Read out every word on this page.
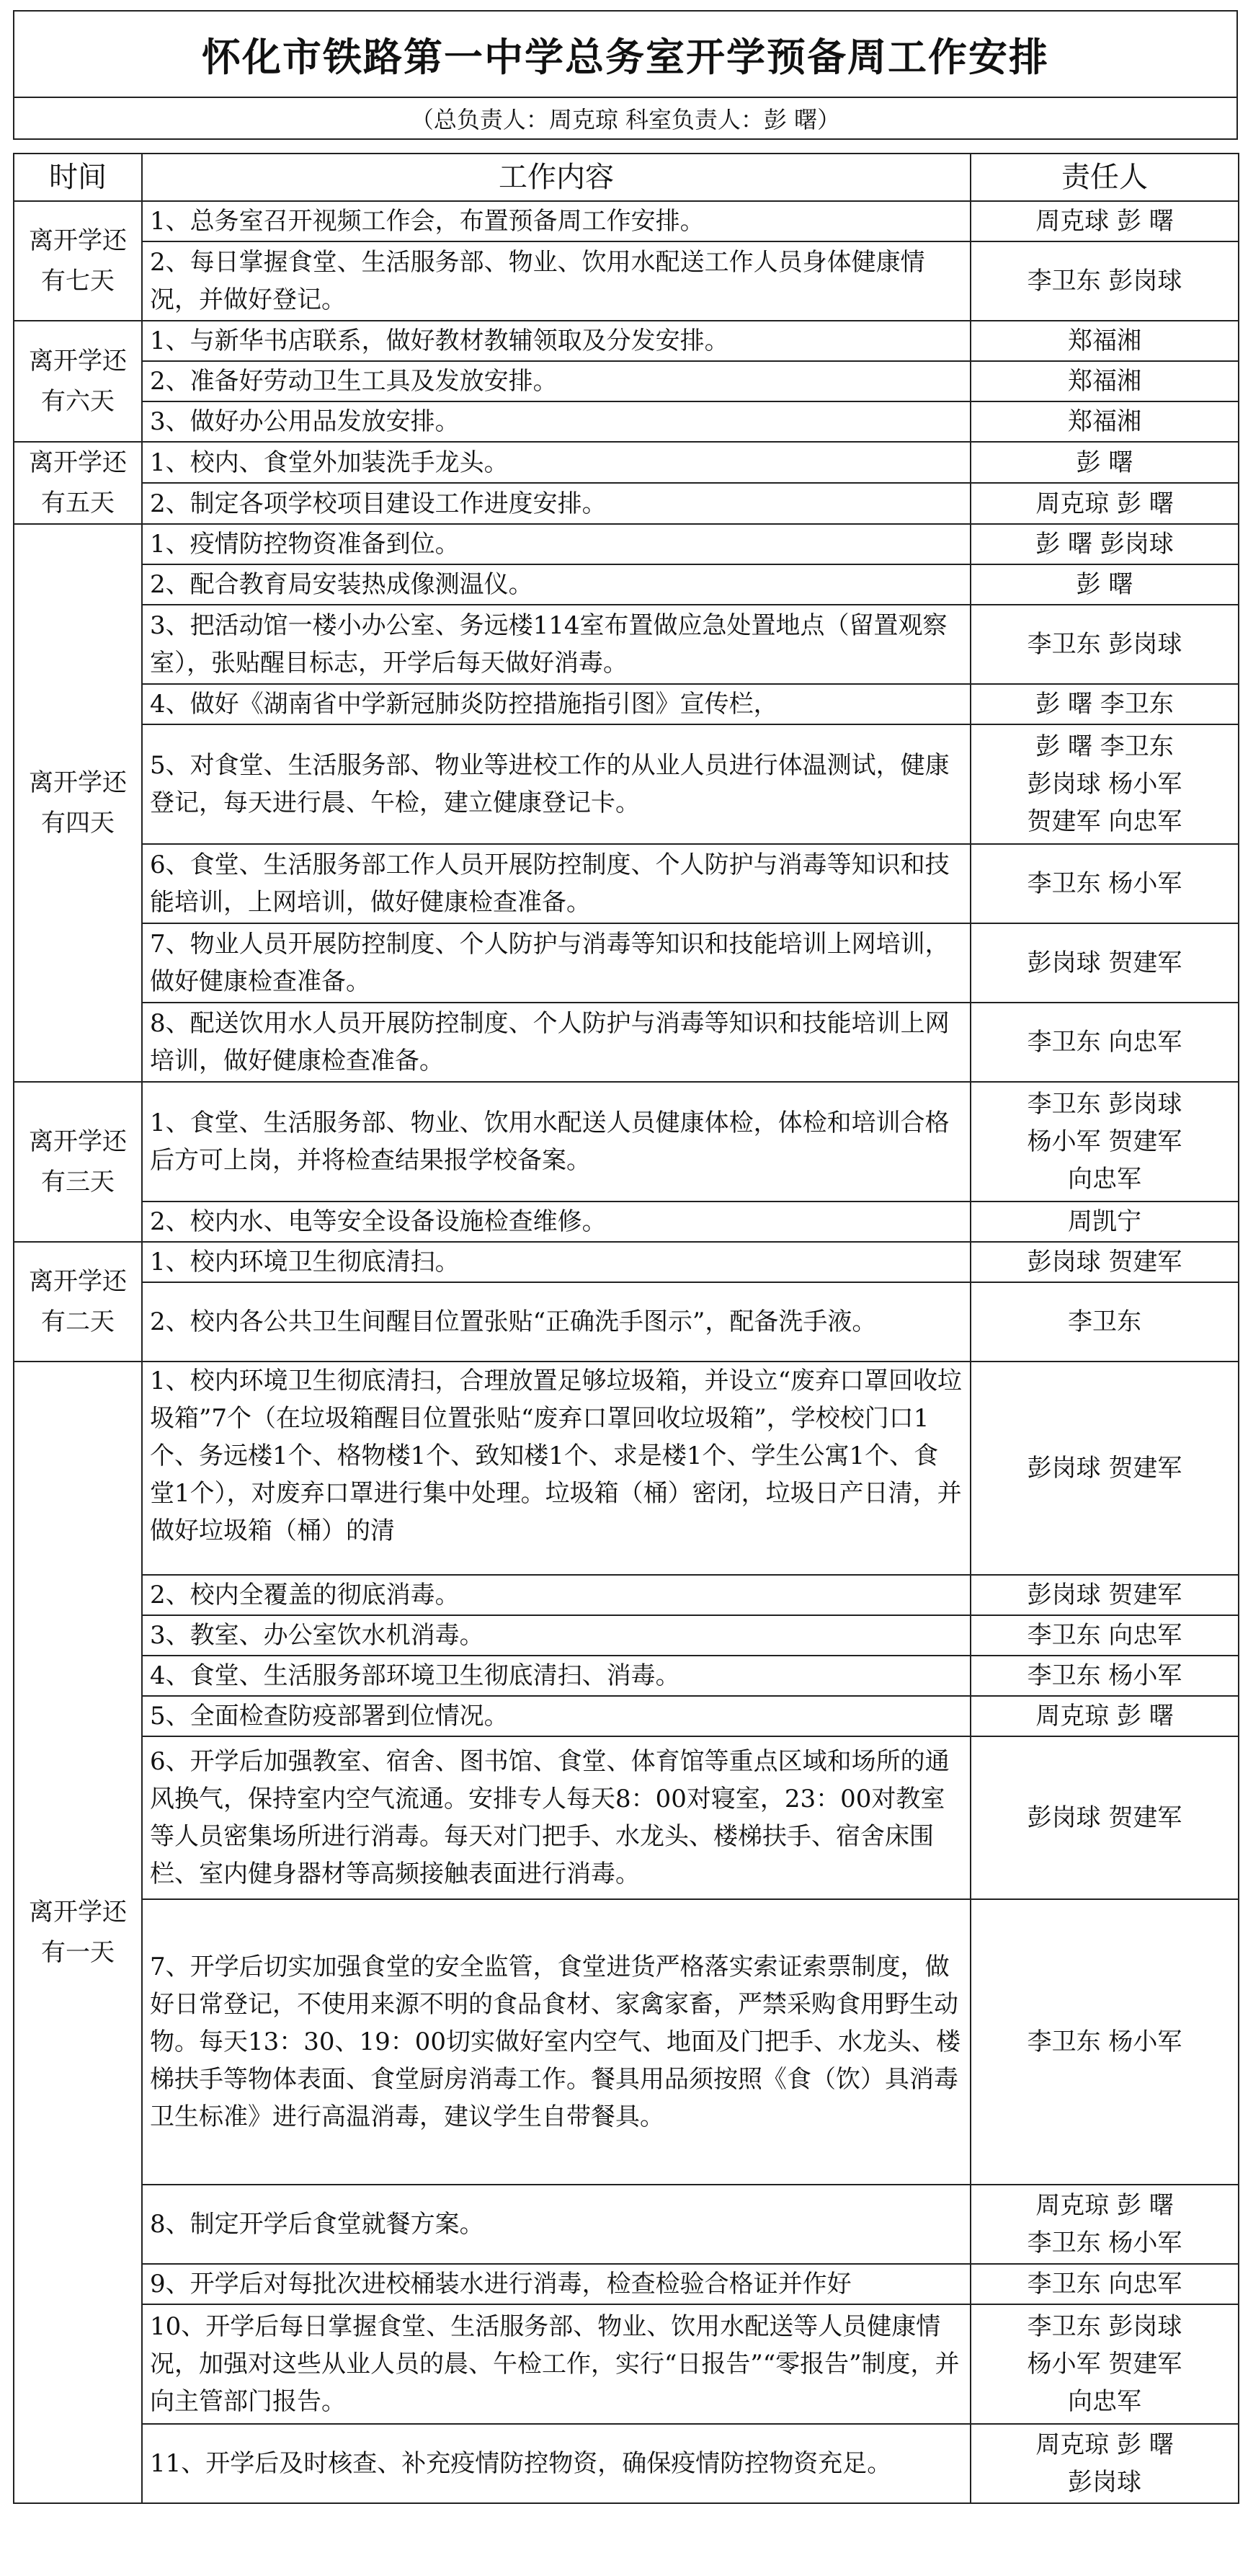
怀化市铁路第一中学总务室开学预备周工作安排
（总负责人：周克琼 科室负责人：彭 曙）
时间	工作内容	责任人
离开学还有七天	1、总务室召开视频工作会，布置预备周工作安排。	周克球 彭 曙

	2、每日掌握食堂、生活服务部、物业、饮用水配送工作人员身体健康情况，并做好登记。	李卫东 彭岗球

离开学还有六天	1、与新华书店联系，做好教材教辅领取及分发安排。	郑福湘

	2、准备好劳动卫生工具及发放安排。	郑福湘

	3、做好办公用品发放安排。	郑福湘

离开学还有五天	1、校内、食堂外加装洗手龙头。	彭 曙

	2、制定各项学校项目建设工作进度安排。	周克琼 彭 曙

离开学还有四天	1、疫情防控物资准备到位。	彭 曙 彭岗球

	2、配合教育局安装热成像测温仪。	彭 曙

	3、把活动馆一楼小办公室、务远楼114室布置做应急处置地点（留置观察室），张贴醒目标志，开学后每天做好消毒。	李卫东 彭岗球

	4、做好《湖南省中学新冠肺炎防控措施指引图》宣传栏，	彭 曙 李卫东

	5、对食堂、生活服务部、物业等进校工作的从业人员进行体温测试，健康登记，每天进行晨、午检，建立健康登记卡。	彭 曙 李卫东
彭岗球 杨小军
贺建军 向忠军

	6、食堂、生活服务部工作人员开展防控制度、个人防护与消毒等知识和技能培训，上网培训，做好健康检查准备。	李卫东 杨小军

	7、物业人员开展防控制度、个人防护与消毒等知识和技能培训上网培训，做好健康检查准备。	彭岗球 贺建军

	8、配送饮用水人员开展防控制度、个人防护与消毒等知识和技能培训上网培训，做好健康检查准备。	李卫东 向忠军

离开学还有三天	1、食堂、生活服务部、物业、饮用水配送人员健康体检，体检和培训合格后方可上岗，并将检查结果报学校备案。	李卫东 彭岗球
杨小军 贺建军
向忠军

	2、校内水、电等安全设备设施检查维修。	周凯宁

离开学还有二天	1、校内环境卫生彻底清扫。	彭岗球 贺建军

	2、校内各公共卫生间醒目位置张贴“正确洗手图示”，配备洗手液。	李卫东

离开学还有一天	1、校内环境卫生彻底清扫，合理放置足够垃圾箱，并设立“废弃口罩回收垃圾箱”7个（在垃圾箱醒目位置张贴“废弃口罩回收垃圾箱”，学校校门口1个、务远楼1个、格物楼1个、致知楼1个、求是楼1个、学生公寓1个、食堂1个），对废弃口罩进行集中处理。垃圾箱（桶）密闭，垃圾日产日清，并做好垃圾箱（桶）的清	彭岗球 贺建军

	2、校内全覆盖的彻底消毒。	彭岗球 贺建军

	3、教室、办公室饮水机消毒。	李卫东 向忠军

	4、食堂、生活服务部环境卫生彻底清扫、消毒。	李卫东 杨小军

	5、全面检查防疫部署到位情况。	周克琼 彭 曙

	6、开学后加强教室、宿舍、图书馆、食堂、体育馆等重点区域和场所的通风换气，保持室内空气流通。安排专人每天8：00对寝室，23：00对教室等人员密集场所进行消毒。每天对门把手、水龙头、楼梯扶手、宿舍床围栏、室内健身器材等高频接触表面进行消毒。	彭岗球 贺建军

	7、开学后切实加强食堂的安全监管，食堂进货严格落实索证索票制度，做好日常登记，不使用来源不明的食品食材、家禽家畜，严禁采购食用野生动物。每天13：30、19：00切实做好室内空气、地面及门把手、水龙头、楼梯扶手等物体表面、食堂厨房消毒工作。餐具用品须按照《食（饮）具消毒卫生标准》进行高温消毒，建议学生自带餐具。	李卫东 杨小军

	8、制定开学后食堂就餐方案。	周克琼 彭 曙
李卫东 杨小军

	9、开学后对每批次进校桶装水进行消毒，检查检验合格证并作好	李卫东 向忠军

	10、开学后每日掌握食堂、生活服务部、物业、饮用水配送等人员健康情况，加强对这些从业人员的晨、午检工作，实行“日报告”“零报告”制度，并向主管部门报告。	李卫东 彭岗球
杨小军 贺建军
向忠军

	11、开学后及时核查、补充疫情防控物资，确保疫情防控物资充足。	周克琼 彭 曙
彭岗球
